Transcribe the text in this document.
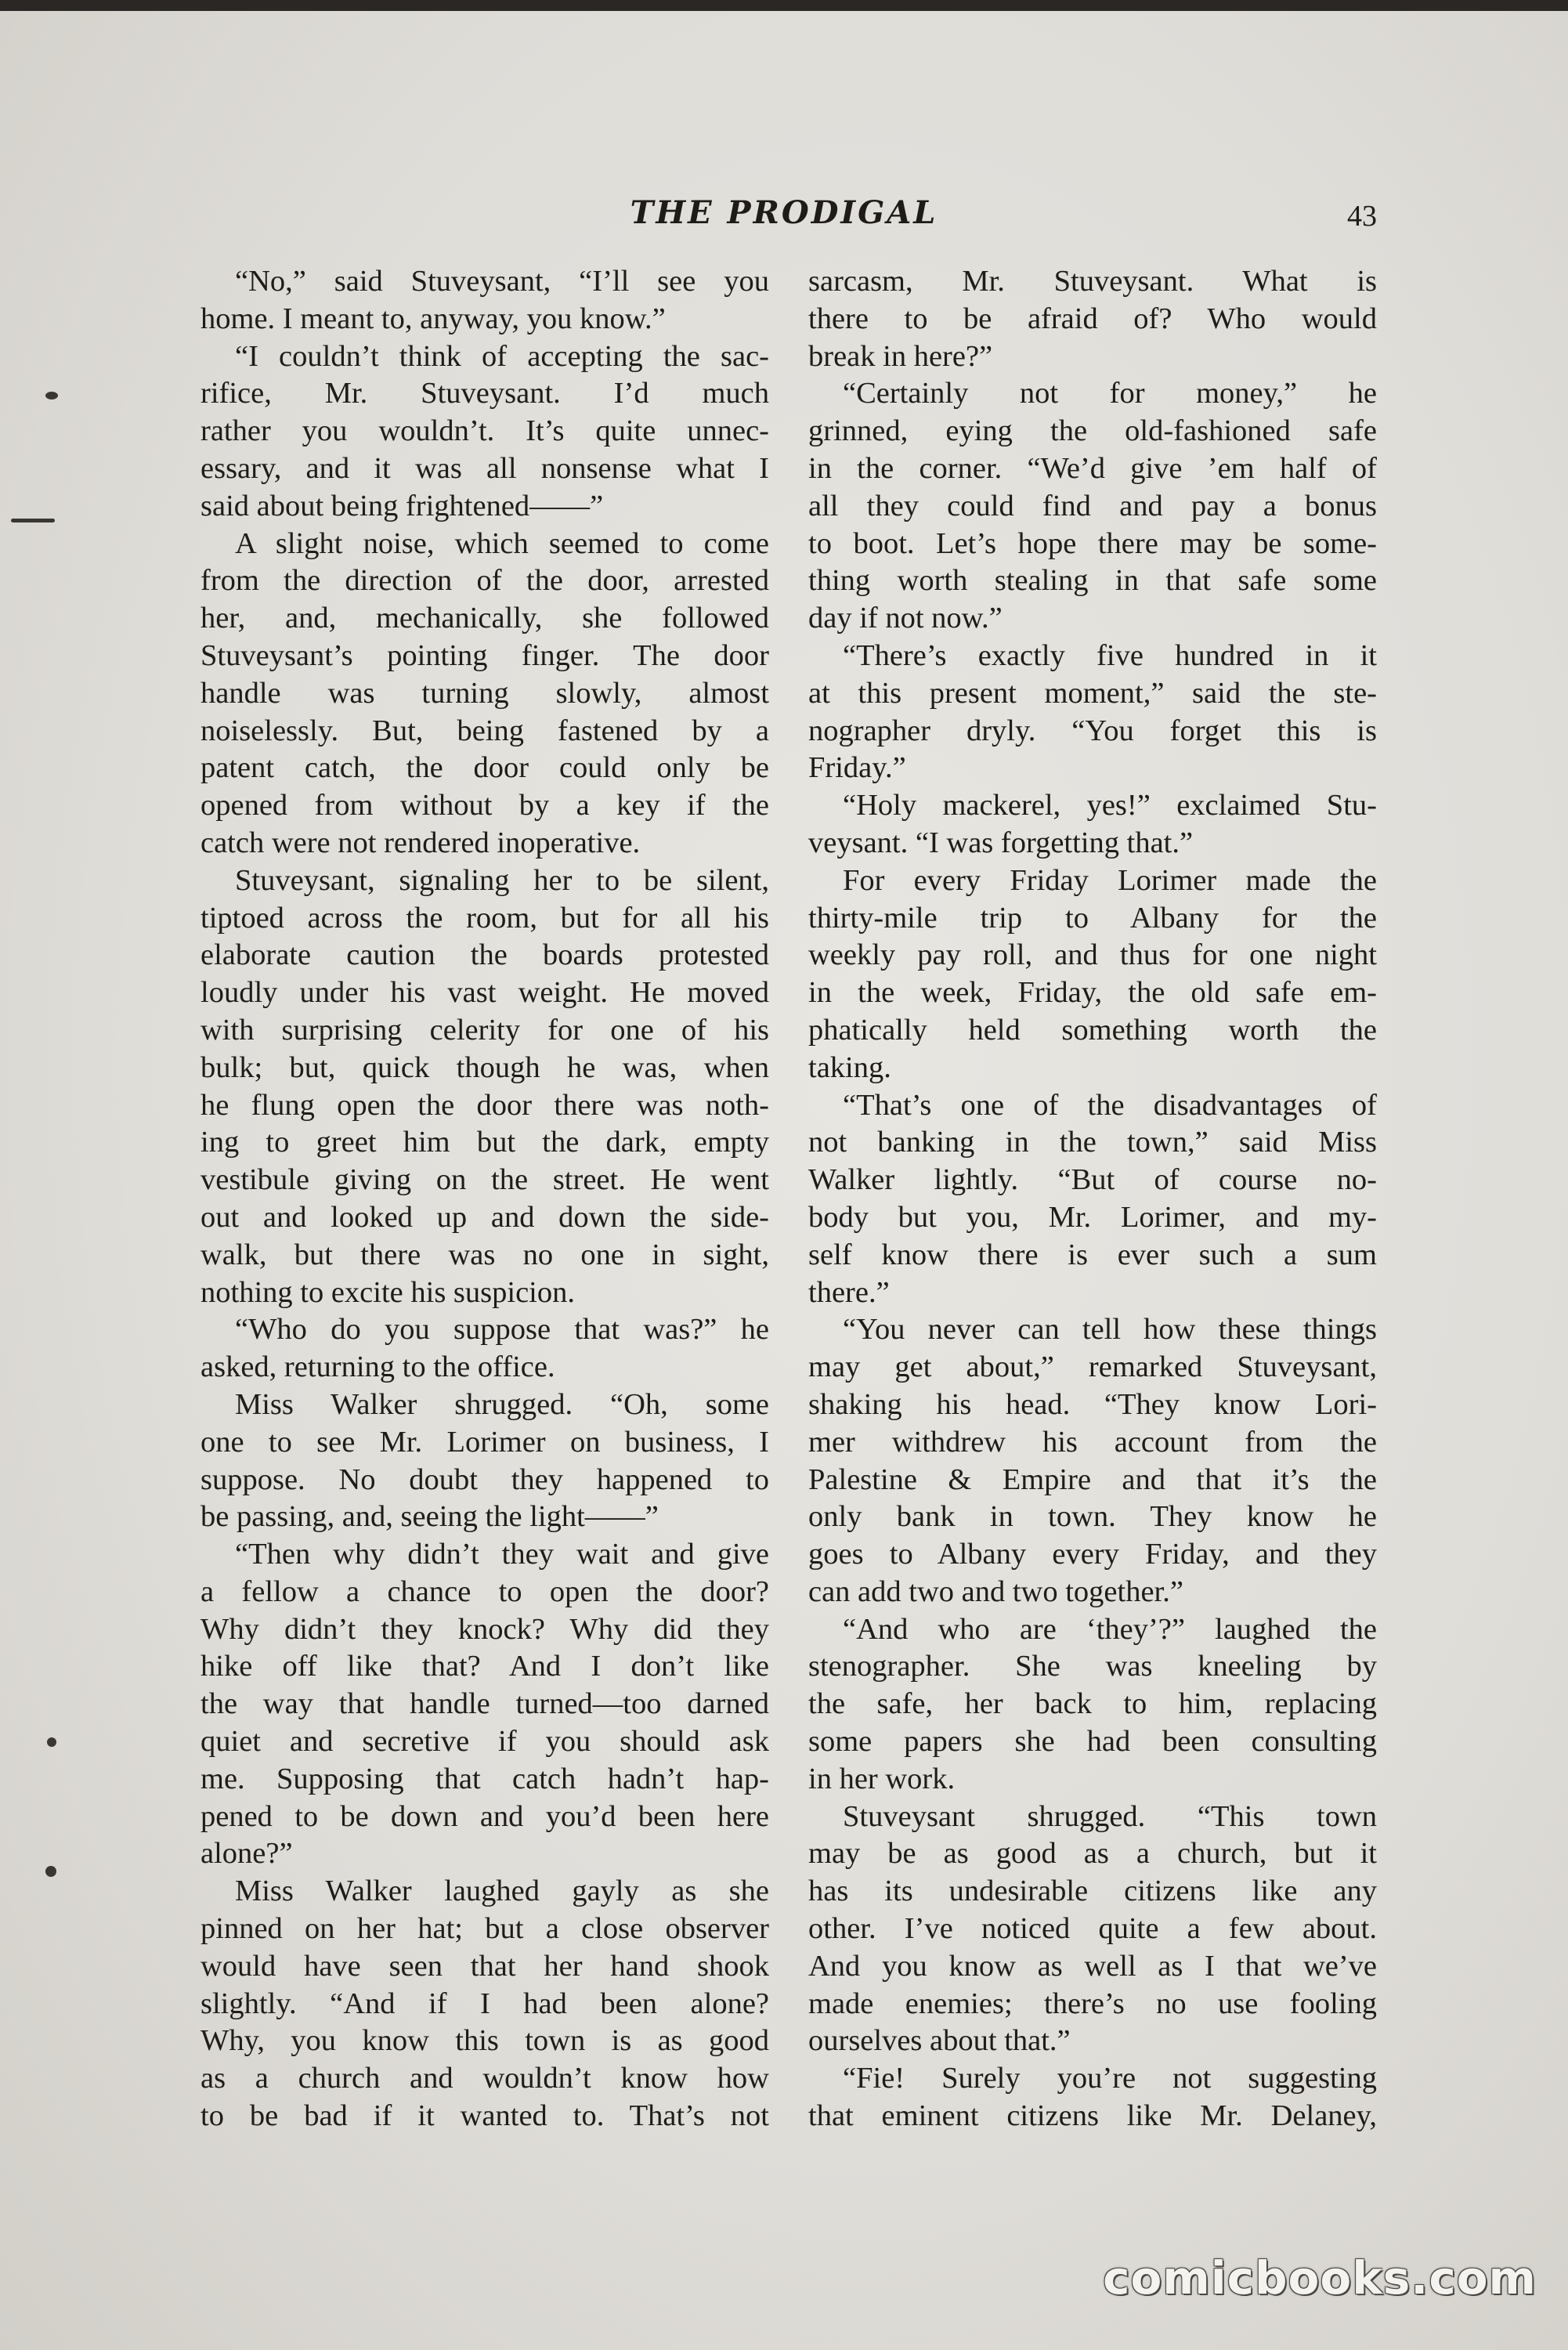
THE PRODIGAL	43
“No,” said Stuveysant, “I’ll see you
home. I meant to, anyway, you know.”
“I couldn’t think of accepting the sac-
rifice, Mr. Stuveysant. I’d much
rather you wouldn’t. It’s quite unnec-
essary, and it was all nonsense what I
said about being frightened——”
A slight noise, which seemed to come
from the direction of the door, arrested
her, and, mechanically, she followed
Stuveysant’s pointing finger. The door
handle was turning slowly, almost
noiselessly. But, being fastened by a
patent catch, the door could only be
opened from without by a key if the
catch were not rendered inoperative.
Stuveysant, signaling her to be silent,
tiptoed across the room, but for all his
elaborate caution the boards protested
loudly under his vast weight. He moved
with surprising celerity for one of his
bulk; but, quick though he was, when
he flung open the door there was noth-
ing to greet him but the dark, empty
vestibule giving on the street. He went
out and looked up and down the side-
walk, but there was no one in sight,
nothing to excite his suspicion.
“Who do you suppose that was?” he
asked, returning to the office.
Miss Walker shrugged. “Oh, some
one to see Mr. Lorimer on business, I
suppose. No doubt they happened to
be passing, and, seeing the light——”
“Then why didn’t they wait and give
a fellow a chance to open the door?
Why didn’t they knock? Why did they
hike off like that? And I don’t like
the way that handle turned—too darned
quiet and secretive if you should ask
me. Supposing that catch hadn’t hap-
pened to be down and you’d been here
alone?”
Miss Walker laughed gayly as she
pinned on her hat; but a close observer
would have seen that her hand shook
slightly. “And if I had been alone?
Why, you know this town is as good
as a church and wouldn’t know how
to be bad if it wanted to. That’s not
sarcasm, Mr. Stuveysant. What is
there to be afraid of? Who would
break in here?”
“Certainly not for money,” he
grinned, eying the old-fashioned safe
in the corner. “We’d give ’em half of
all they could find and pay a bonus
to boot. Let’s hope there may be some-
thing worth stealing in that safe some
day if not now.”
“There’s exactly five hundred in it
at this present moment,” said the ste-
nographer dryly. “You forget this is
Friday.”
“Holy mackerel, yes!” exclaimed Stu-
veysant. “I was forgetting that.”
For every Friday Lorimer made the
thirty-mile trip to Albany for the
weekly pay roll, and thus for one night
in the week, Friday, the old safe em-
phatically held something worth the
taking.
“That’s one of the disadvantages of
not banking in the town,” said Miss
Walker lightly. “But of course no-
body but you, Mr. Lorimer, and my-
self know there is ever such a sum
there.”
“You never can tell how these things
may get about,” remarked Stuveysant,
shaking his head. “They know Lori-
mer withdrew his account from the
Palestine & Empire and that it’s the
only bank in town. They know he
goes to Albany every Friday, and they
can add two and two together.”
“And who are ‘they’?” laughed the
stenographer. She was kneeling by
the safe, her back to him, replacing
some papers she had been consulting
in her work.
Stuveysant shrugged. “This town
may be as good as a church, but it
has its undesirable citizens like any
other. I’ve noticed quite a few about.
And you know as well as I that we’ve
made enemies; there’s no use fooling
ourselves about that.”
“Fie! Surely you’re not suggesting
that eminent citizens like Mr. Delaney,
comicbooks.com
